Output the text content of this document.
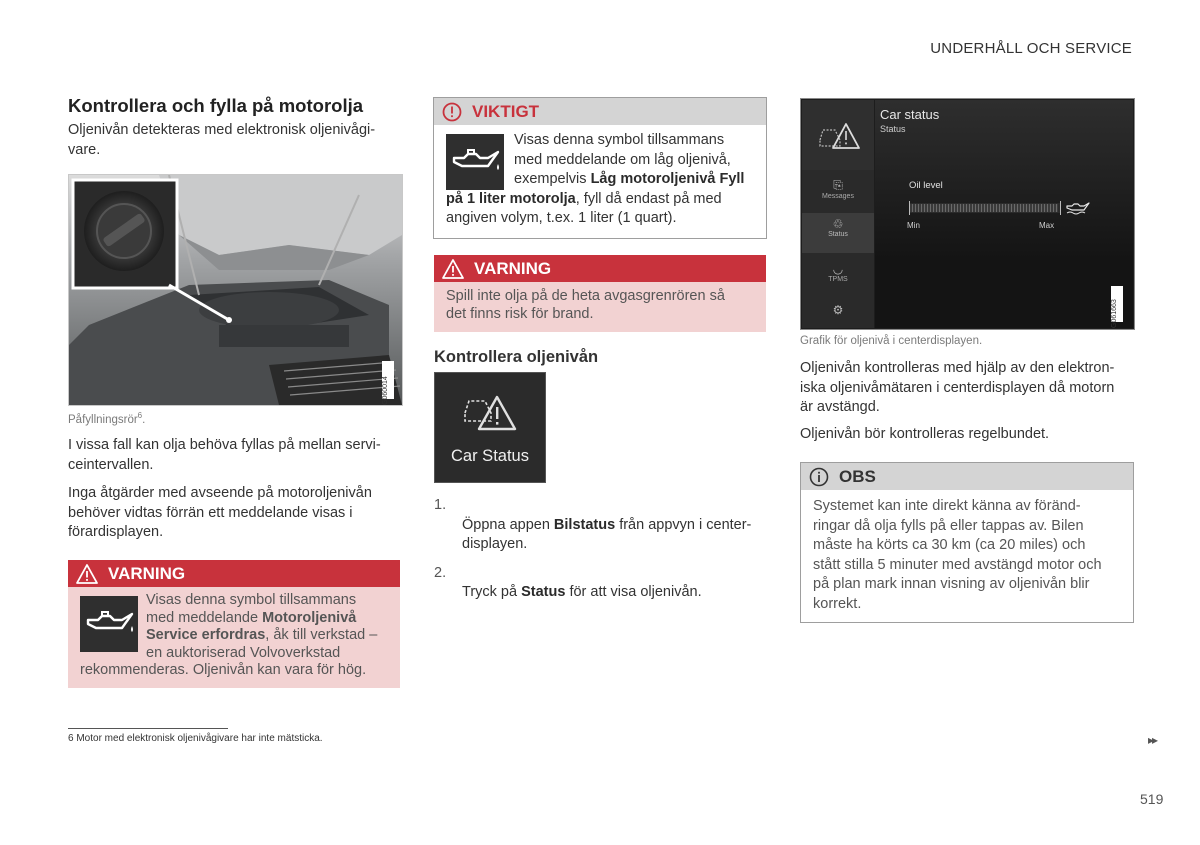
UNDERHÅLL OCH SERVICE
Kontrollera och fylla på motorolja
Oljenivån detekteras med elektronisk oljenivågi-
vare.
G060014
Påfyllningsrör$^6$.
I vissa fall kan olja behöva fyllas på mellan servi-
ceintervallen.
Inga åtgärder med avseende på motoroljenivån
behöver vidtas förrän ett meddelande visas i
förardisplayen.
VARNING
Visas denna symbol tillsammans med meddelande Motoroljenivå Service erfordras, åk till verkstad – en auktoriserad Volvoverkstad rekommenderas. Oljenivån kan vara för hög.
VIKTIGT
Visas denna symbol tillsammans med meddelande om låg oljenivå, exempelvis Låg motoroljenivå Fyll på 1 liter motorolja, fyll då endast på med angiven volym, t.ex. 1 liter (1 quart).
VARNING
Spill inte olja på de heta avgasgrenrören så
det finns risk för brand.
Kontrollera oljenivån
Car Status

1.
Öppna appen Bilstatus från appvyn i center-
displayen.

2.
Tryck på Status för att visa oljenivån.

⎘
Messages
♲
Status
◡
TPMS
⚙
Car status
Status
Oil level
Min	Max
G061663
Grafik för oljenivå i centerdisplayen.
Oljenivån kontrolleras med hjälp av den elektron-
iska oljenivåmätaren i centerdisplayen då motorn
är avstängd.
Oljenivån bör kontrolleras regelbundet.
OBS
Systemet kan inte direkt känna av föränd-
ringar då olja fylls på eller tappas av. Bilen
måste ha körts ca 30 km (ca 20 miles) och
stått stilla 5 minuter med avstängd motor och
på plan mark innan visning av oljenivån blir
korrekt.
6 Motor med elektronisk oljenivågivare har inte mätsticka.	▸▸
519
